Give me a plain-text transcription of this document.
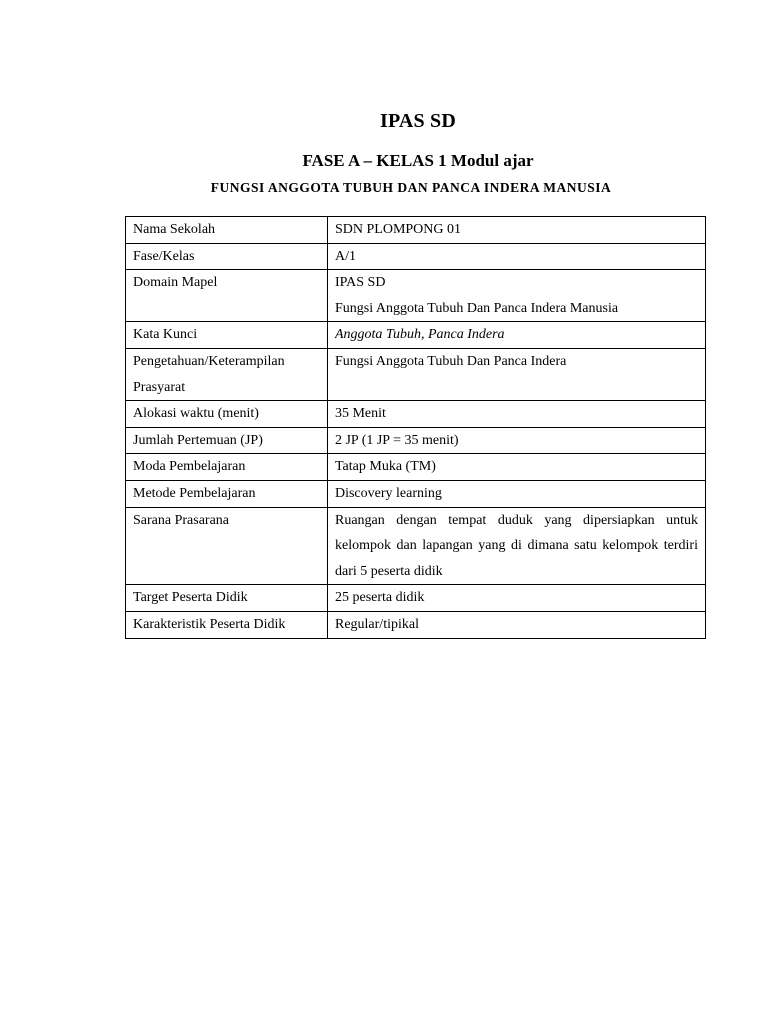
IPAS SD
FASE A – KELAS 1 Modul ajar
FUNGSI ANGGOTA TUBUH DAN PANCA INDERA MANUSIA
Nama Sekolah	SDN PLOMPONG 01
Fase/Kelas	A/1
Domain Mapel	IPAS SD
Fungsi Anggota Tubuh Dan Panca Indera Manusia

Kata Kunci	Anggota Tubuh, Panca Indera

Pengetahuan/Keterampilan
Prasyarat	Fungsi Anggota Tubuh Dan Panca Indera
Alokasi waktu (menit)	35 Menit
Jumlah Pertemuan (JP)	2 JP (1 JP = 35 menit)
Moda Pembelajaran	Tatap Muka (TM)
Metode Pembelajaran	Discovery learning
Sarana Prasarana	Ruangan dengan tempat duduk yang dipersiapkan untuk kelompok dan lapangan yang di dimana satu kelompok terdiri dari 5 peserta didik
Target Peserta Didik	25 peserta didik
Karakteristik Peserta Didik	Regular/tipikal
